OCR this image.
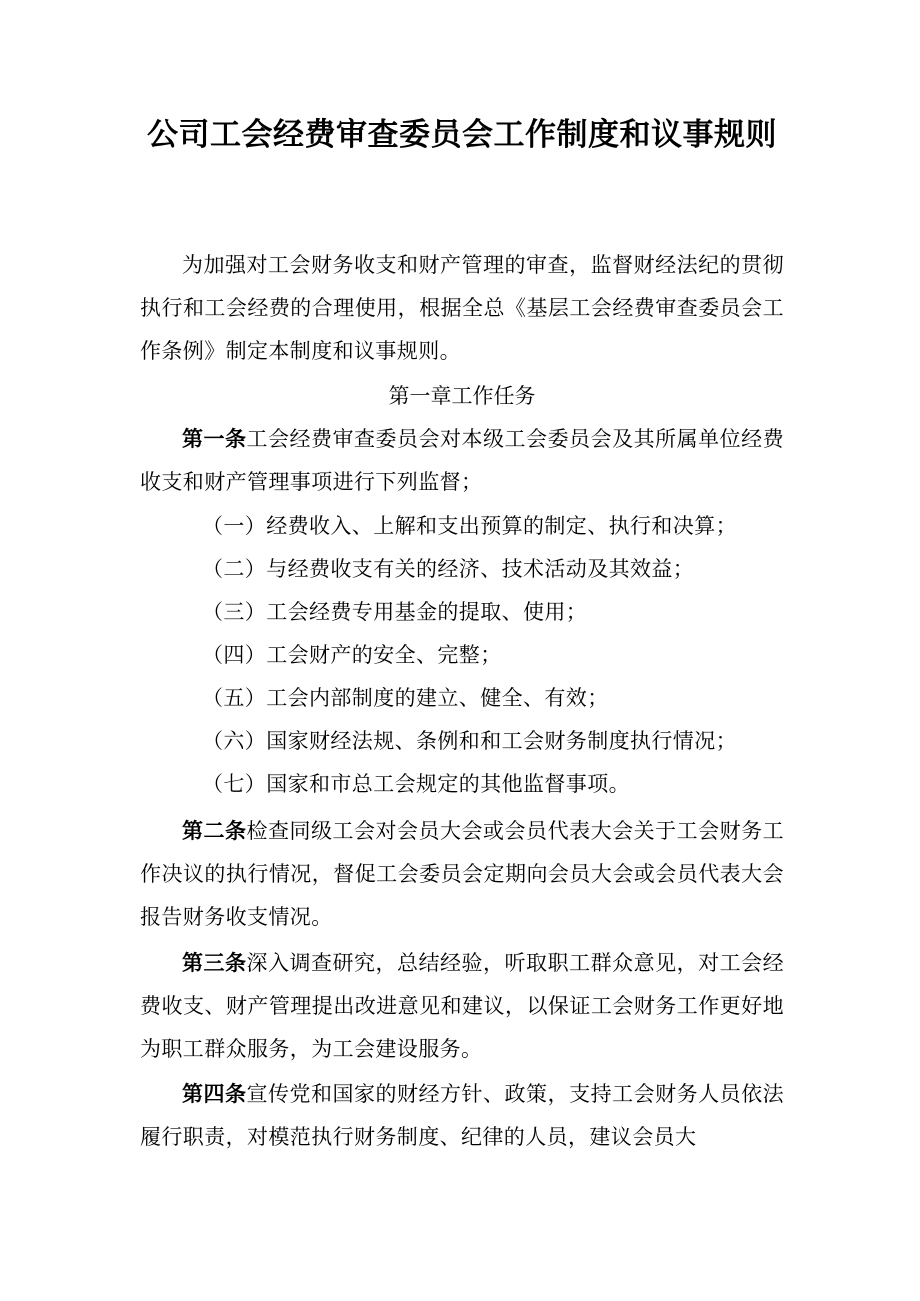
公司工会经费审查委员会工作制度和议事规则
为加强对工会财务收支和财产管理的审查，监督财经法纪的贯彻执行和工会经费的合理使用，根据全总《基层工会经费审查委员会工作条例》制定本制度和议事规则。
第一章工作任务
第一条工会经费审查委员会对本级工会委员会及其所属单位经费收支和财产管理事项进行下列监督；
（一）经费收入、上解和支出预算的制定、执行和决算；
（二）与经费收支有关的经济、技术活动及其效益；
（三）工会经费专用基金的提取、使用；
（四）工会财产的安全、完整；
（五）工会内部制度的建立、健全、有效；
（六）国家财经法规、条例和和工会财务制度执行情况；
（七）国家和市总工会规定的其他监督事项。
第二条检查同级工会对会员大会或会员代表大会关于工会财务工作决议的执行情况，督促工会委员会定期向会员大会或会员代表大会报告财务收支情况。
第三条深入调查研究，总结经验，听取职工群众意见，对工会经费收支、财产管理提出改进意见和建议，以保证工会财务工作更好地为职工群众服务，为工会建设服务。
第四条宣传党和国家的财经方针、政策，支持工会财务人员依法履行职责，对模范执行财务制度、纪律的人员，建议会员大
